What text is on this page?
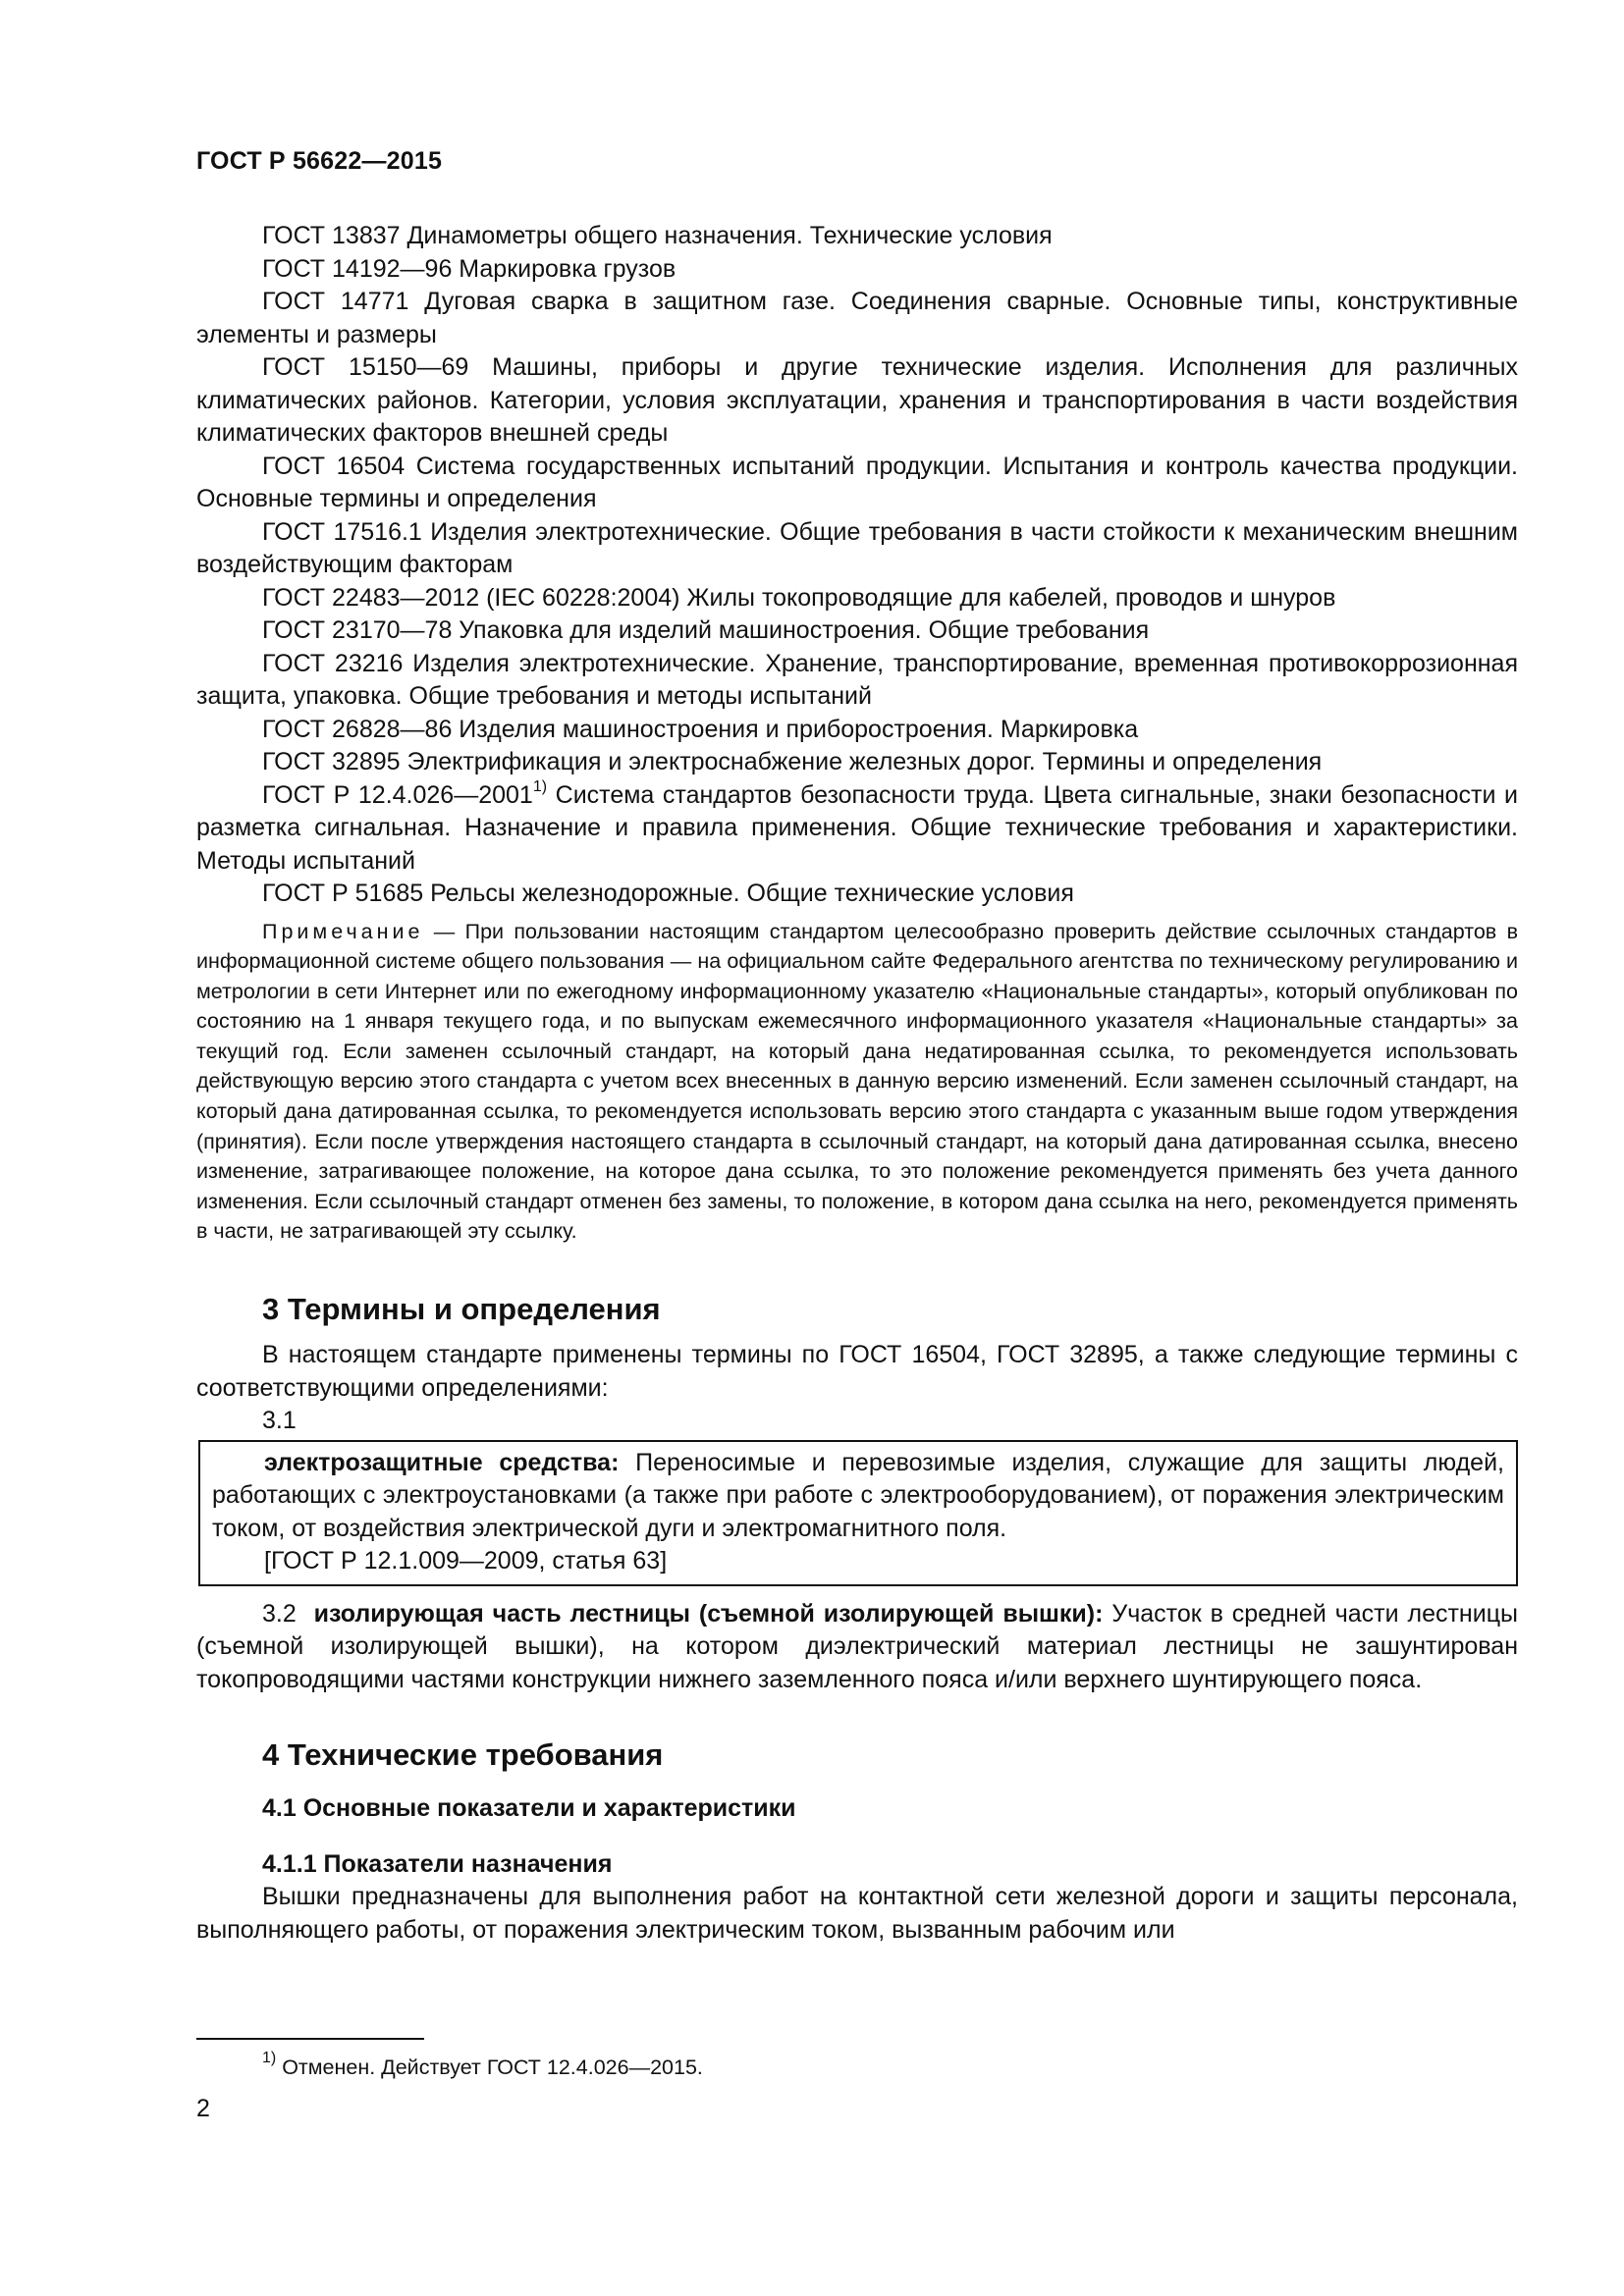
ГОСТ Р 56622—2015

ГОСТ 13837 Динамометры общего назначения. Технические условия

ГОСТ 14192—96 Маркировка грузов

ГОСТ 14771 Дуговая сварка в защитном газе. Соединения сварные. Основные типы, конструктивные элементы и размеры

ГОСТ 15150—69 Машины, приборы и другие технические изделия. Исполнения для различных климатических районов. Категории, условия эксплуатации, хранения и транспортирования в части воздействия климатических факторов внешней среды

ГОСТ 16504 Система государственных испытаний продукции. Испытания и контроль качества продукции. Основные термины и определения

ГОСТ 17516.1 Изделия электротехнические. Общие требования в части стойкости к механическим внешним воздействующим факторам

ГОСТ 22483—2012 (IEC 60228:2004) Жилы токопроводящие для кабелей, проводов и шнуров

ГОСТ 23170—78 Упаковка для изделий машиностроения. Общие требования

ГОСТ 23216 Изделия электротехнические. Хранение, транспортирование, временная противокоррозионная защита, упаковка. Общие требования и методы испытаний

ГОСТ 26828—86 Изделия машиностроения и приборостроения. Маркировка

ГОСТ 32895 Электрификация и электроснабжение железных дорог. Термины и определения

ГОСТ Р 12.4.026—2001$^{1)}$ Система стандартов безопасности труда. Цвета сигнальные, знаки безопасности и разметка сигнальная. Назначение и правила применения. Общие технические требования и характеристики. Методы испытаний

ГОСТ Р 51685 Рельсы железнодорожные. Общие технические условия

Примечание — При пользовании настоящим стандартом целесообразно проверить действие ссылочных стандартов в информационной системе общего пользования — на официальном сайте Федерального агентства по техническому регулированию и метрологии в сети Интернет или по ежегодному информационному указателю «Национальные стандарты», который опубликован по состоянию на 1 января текущего года, и по выпускам ежемесячного информационного указателя «Национальные стандарты» за текущий год. Если заменен ссылочный стандарт, на который дана недатированная ссылка, то рекомендуется использовать действующую версию этого стандарта с учетом всех внесенных в данную версию изменений. Если заменен ссылочный стандарт, на который дана датированная ссылка, то рекомендуется использовать версию этого стандарта с указанным выше годом утверждения (принятия). Если после утверждения настоящего стандарта в ссылочный стандарт, на который дана датированная ссылка, внесено изменение, затрагивающее положение, на которое дана ссылка, то это положение рекомендуется применять без учета данного изменения. Если ссылочный стандарт отменен без замены, то положение, в котором дана ссылка на него, рекомендуется применять в части, не затрагивающей эту ссылку.

3 Термины и определения

В настоящем стандарте применены термины по ГОСТ 16504, ГОСТ 32895, а также следующие термины с соответствующими определениями:

3.1

электрозащитные средства: Переносимые и перевозимые изделия, служащие для защиты людей, работающих с электроустановками (а также при работе с электрооборудованием), от поражения электрическим током, от воздействия электрической дуги и электромагнитного поля.

[ГОСТ Р 12.1.009—2009, статья 63]

3.2 изолирующая часть лестницы (съемной изолирующей вышки): Участок в средней части лестницы (съемной изолирующей вышки), на котором диэлектрический материал лестницы не зашунтирован токопроводящими частями конструкции нижнего заземленного пояса и/или верхнего шунтирующего пояса.

4 Технические требования
4.1 Основные показатели и характеристики
4.1.1 Показатели назначения

Вышки предназначены для выполнения работ на контактной сети железной дороги и защиты персонала, выполняющего работы, от поражения электрическим током, вызванным рабочим или

$^{1)}$ Отменен. Действует ГОСТ 12.4.026—2015.
2
